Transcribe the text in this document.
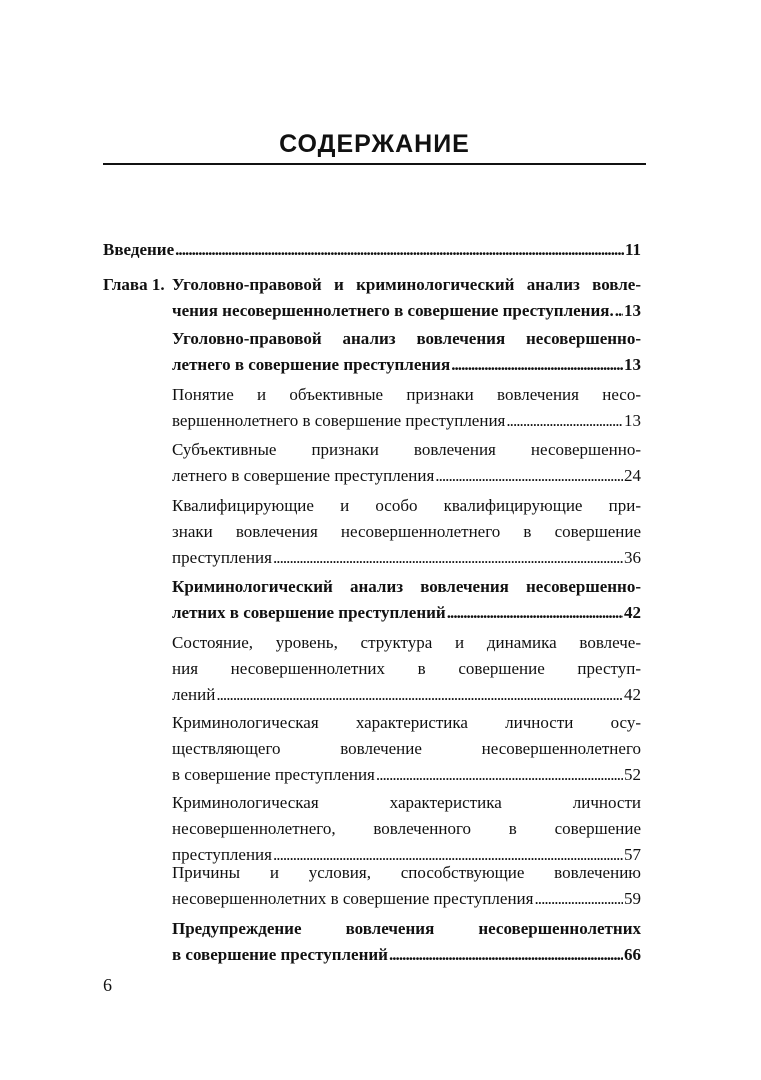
СОДЕРЖАНИЕ
Введение . . .	11
Глава 1. Уголовно-правовой и криминологический анализ вовле-
чения несовершеннолетнего в совершение преступления. . . . 13
Уголовно-правовой анализ вовлечения несовершенно-
летнего в совершение преступления . . .	13
Понятие и объективные признаки вовлечения несо-
вершеннолетнего в совершение преступления . . .	13
Субъективные признаки вовлечения несовершенно-
летнего в совершение преступления . . .	24
Квалифицирующие и особо квалифицирующие при-
знаки вовлечения несовершеннолетнего в совершение
преступления . . .	36
Криминологический анализ вовлечения несовершенно-
летних в совершение преступлений . . .	42
Состояние, уровень, структура и динамика вовлече-
ния несовершеннолетних в совершение преступ-
лений . . .	42
Криминологическая характеристика личности осу-
ществляющего вовлечение несовершеннолетнего
в совершение преступления . . .	52
Криминологическая характеристика личности
несовершеннолетнего, вовлеченного в совершение
преступления . . .	57
Причины и условия, способствующие вовлечению
несовершеннолетних в совершение преступления . . .	59
Предупреждение вовлечения несовершеннолетних
в совершение преступлений . . .	66
6
